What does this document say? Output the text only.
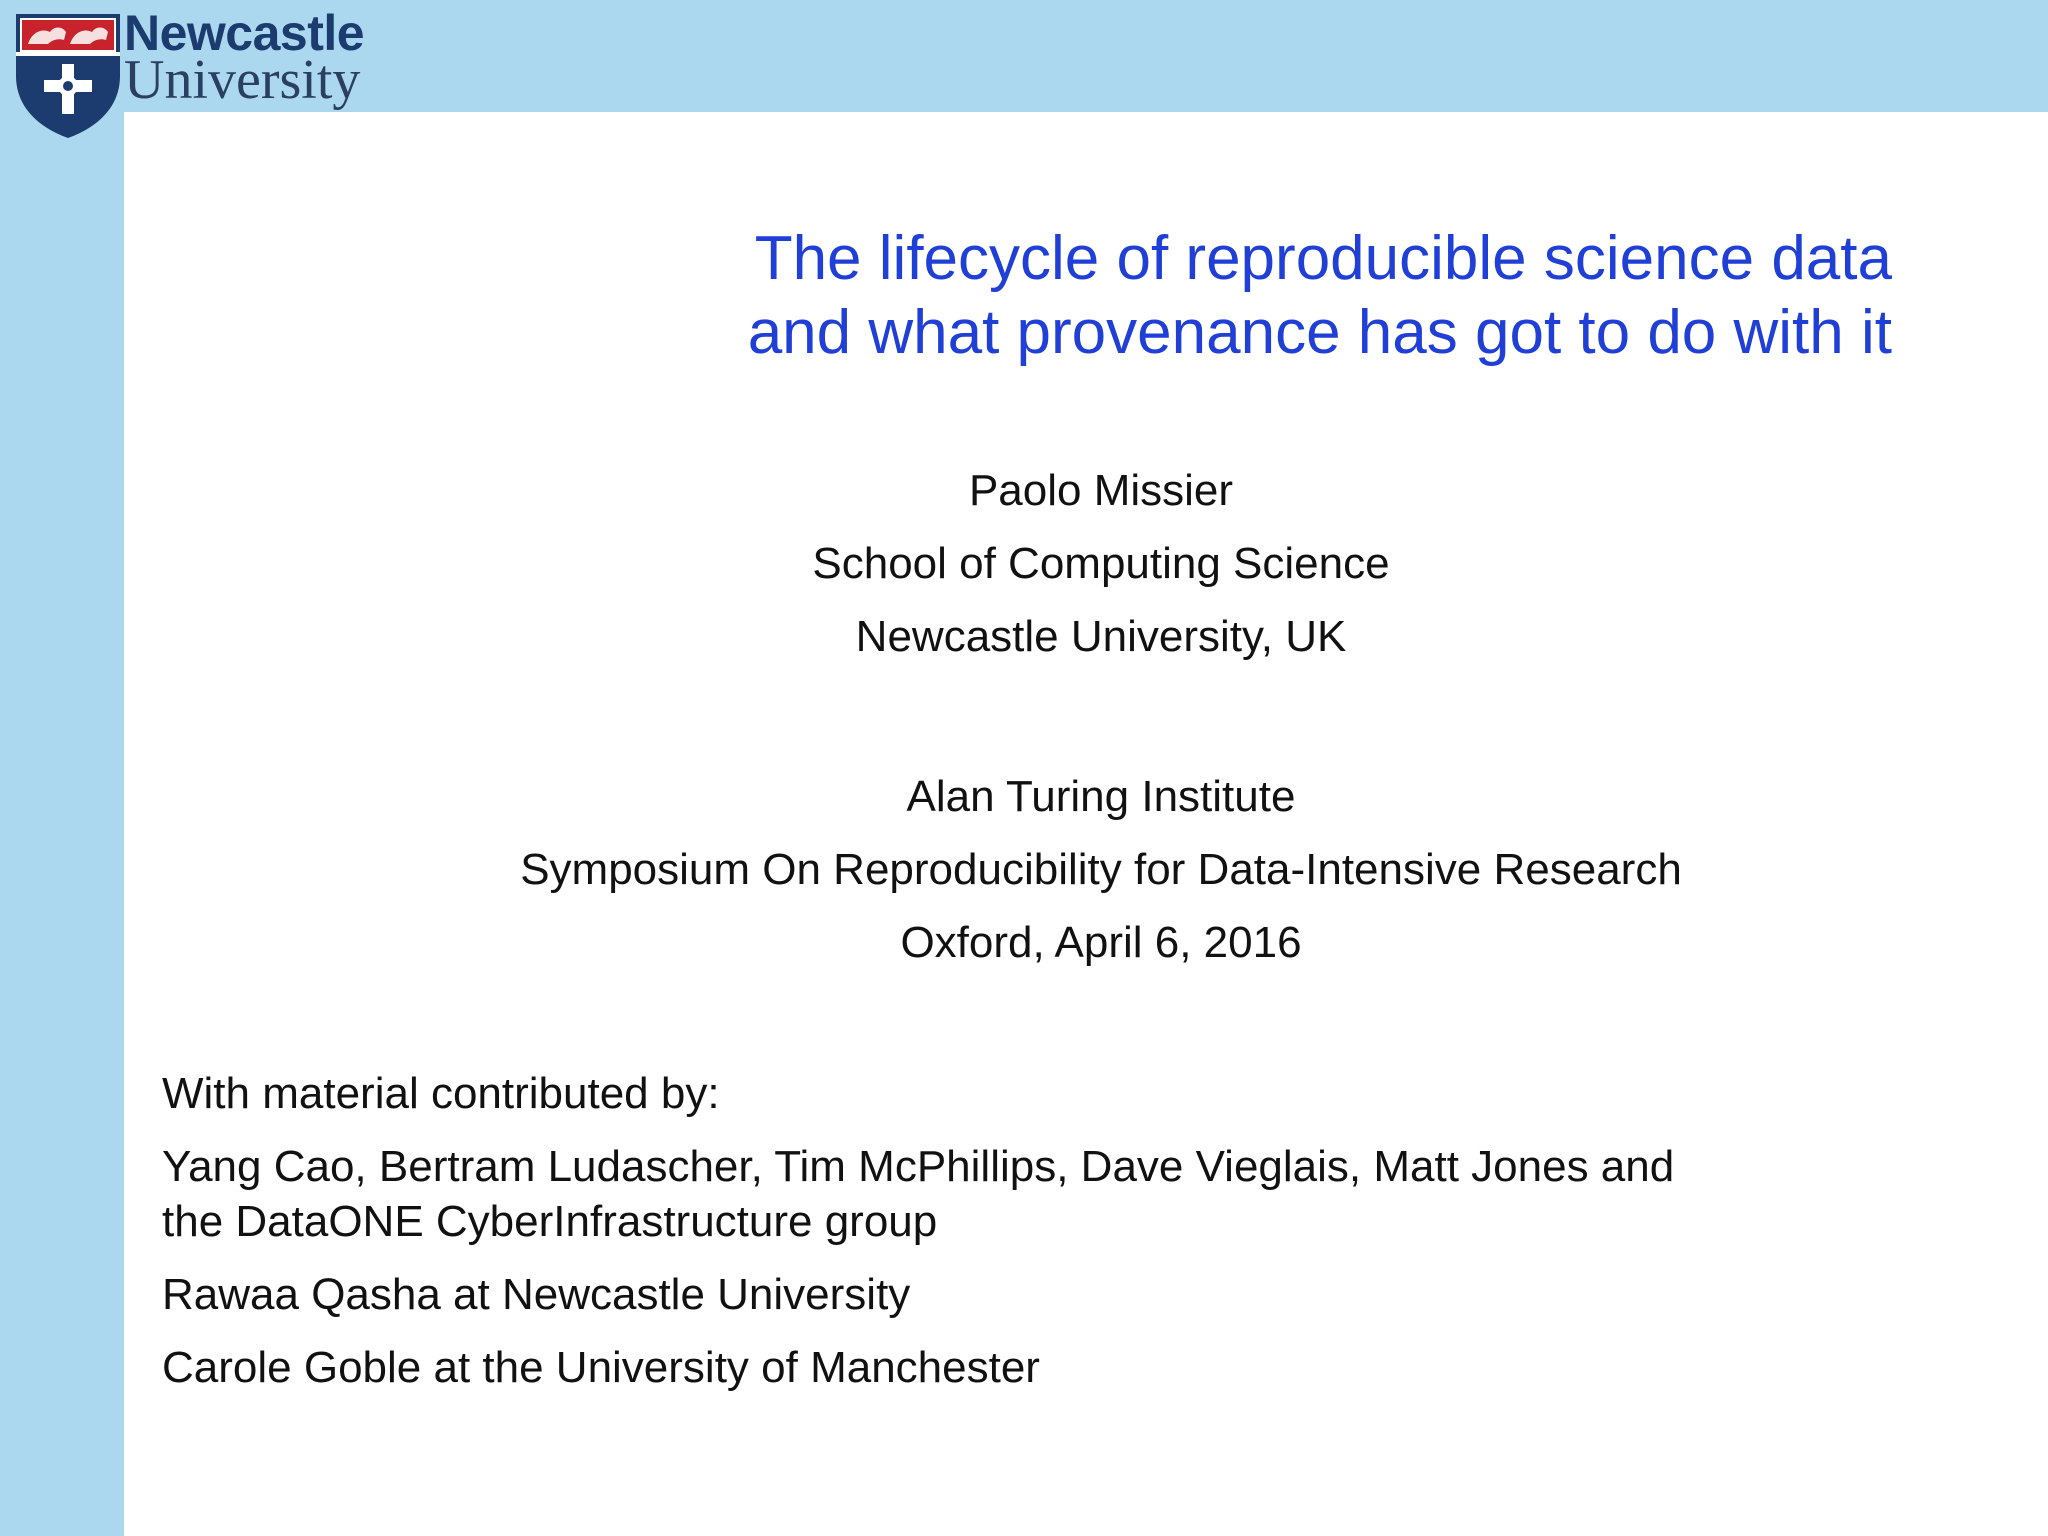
Newcastle
University
The lifecycle of reproducible science data
and what provenance has got to do with it
Paolo Missier
School of Computing Science
Newcastle University, UK
Alan Turing Institute
Symposium On Reproducibility for Data-Intensive Research
Oxford, April 6, 2016
With material contributed by:
Yang Cao, Bertram Ludascher, Tim McPhillips, Dave Vieglais, Matt Jones and
the DataONE CyberInfrastructure group
Rawaa Qasha at Newcastle University
Carole Goble at the University of Manchester
